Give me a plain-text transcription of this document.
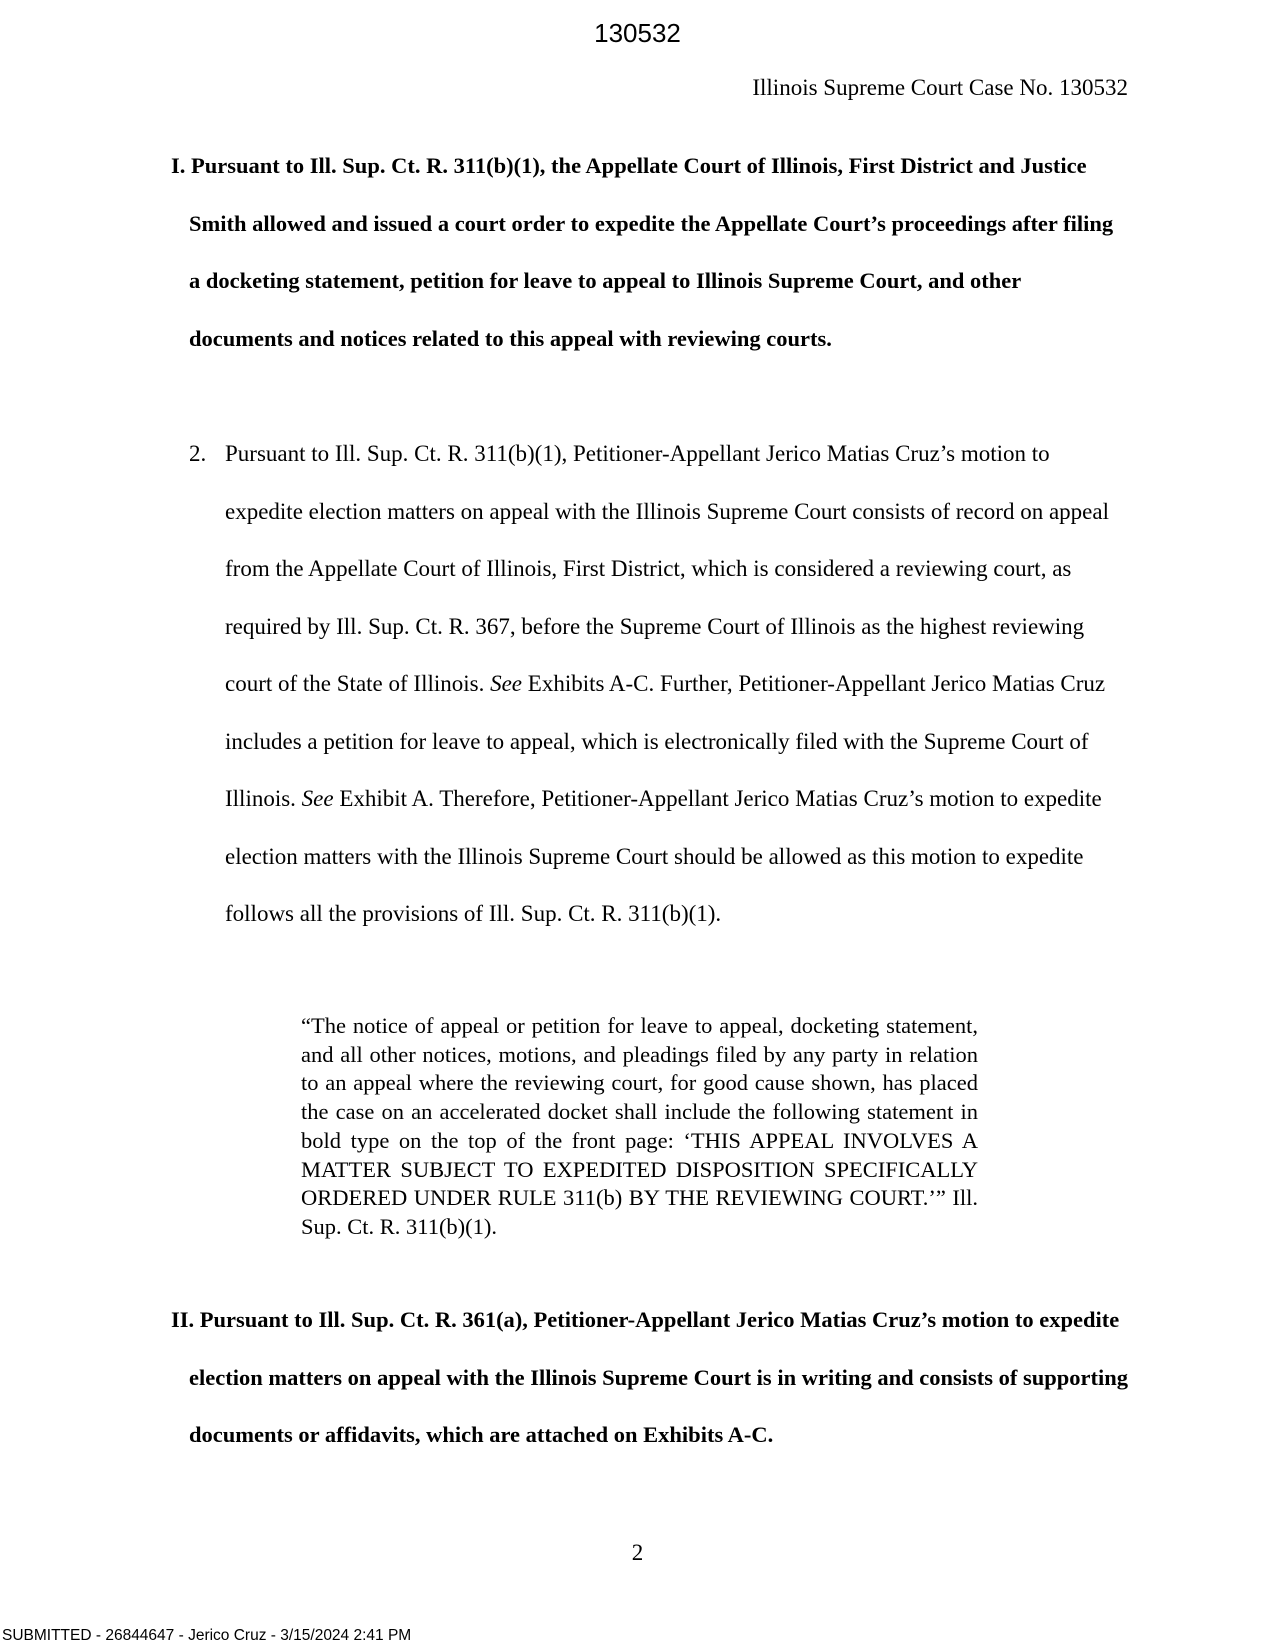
130532
Illinois Supreme Court Case No. 130532
I. Pursuant to Ill. Sup. Ct. R. 311(b)(1), the Appellate Court of Illinois, First District and Justice Smith allowed and issued a court order to expedite the Appellate Court’s proceedings after filing a docketing statement, petition for leave to appeal to Illinois Supreme Court, and other documents and notices related to this appeal with reviewing courts.
2. Pursuant to Ill. Sup. Ct. R. 311(b)(1), Petitioner-Appellant Jerico Matias Cruz’s motion to expedite election matters on appeal with the Illinois Supreme Court consists of record on appeal from the Appellate Court of Illinois, First District, which is considered a reviewing court, as required by Ill. Sup. Ct. R. 367, before the Supreme Court of Illinois as the highest reviewing court of the State of Illinois. See Exhibits A-C. Further, Petitioner-Appellant Jerico Matias Cruz includes a petition for leave to appeal, which is electronically filed with the Supreme Court of Illinois. See Exhibit A. Therefore, Petitioner-Appellant Jerico Matias Cruz’s motion to expedite election matters with the Illinois Supreme Court should be allowed as this motion to expedite follows all the provisions of Ill. Sup. Ct. R. 311(b)(1).
“The notice of appeal or petition for leave to appeal, docketing statement, and all other notices, motions, and pleadings filed by any party in relation to an appeal where the reviewing court, for good cause shown, has placed the case on an accelerated docket shall include the following statement in bold type on the top of the front page: ‘THIS APPEAL INVOLVES A MATTER SUBJECT TO EXPEDITED DISPOSITION SPECIFICALLY ORDERED UNDER RULE 311(b) BY THE REVIEWING COURT.’” Ill. Sup. Ct. R. 311(b)(1).
II. Pursuant to Ill. Sup. Ct. R. 361(a), Petitioner-Appellant Jerico Matias Cruz’s motion to expedite election matters on appeal with the Illinois Supreme Court is in writing and consists of supporting documents or affidavits, which are attached on Exhibits A-C.
2
SUBMITTED - 26844647 - Jerico Cruz - 3/15/2024 2:41 PM
